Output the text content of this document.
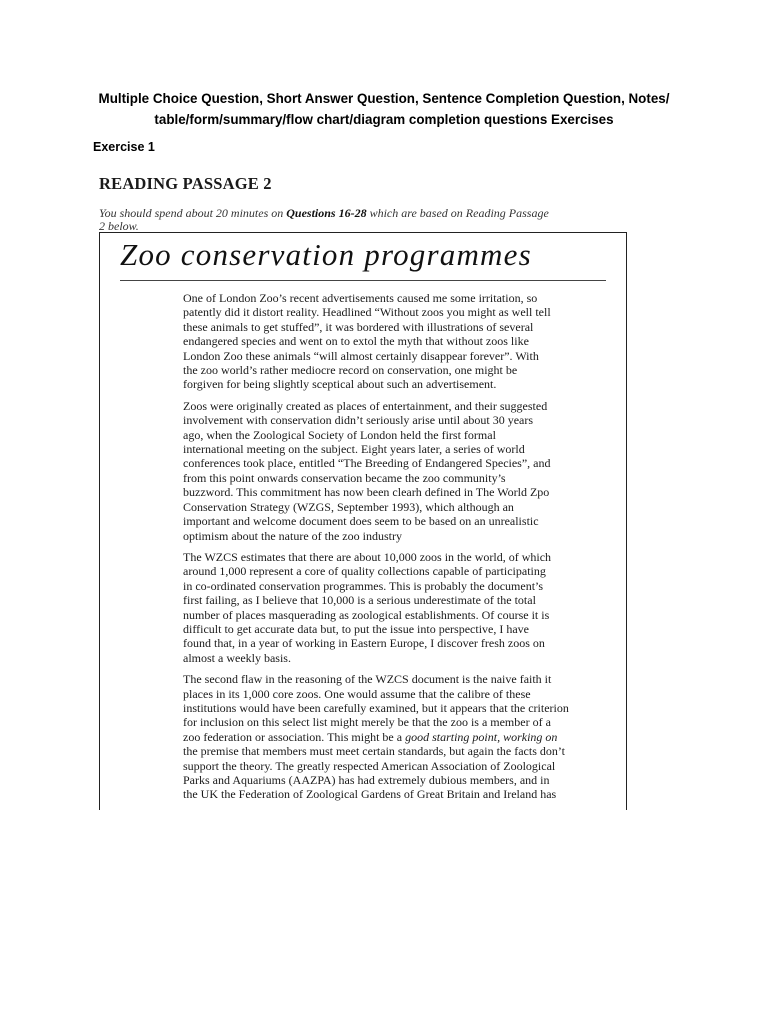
Multiple Choice Question, Short Answer Question, Sentence Completion Question, Notes/
table/form/summary/flow chart/diagram completion questions Exercises
Exercise 1
READING PASSAGE 2
You should spend about 20 minutes on Questions 16-28 which are based on Reading Passage
2 below.
Zoo conservation programmes
One of London Zoo’s recent advertisements caused me some irritation, so
patently did it distort reality. Headlined “Without zoos you might as well tell
these animals to get stuffed”, it was bordered with illustrations of several
endangered species and went on to extol the myth that without zoos like
London Zoo these animals “will almost certainly disappear forever”. With
the zoo world’s rather mediocre record on conservation, one might be
forgiven for being slightly sceptical about such an advertisement.
Zoos were originally created as places of entertainment, and their suggested
involvement with conservation didn’t seriously arise until about 30 years
ago, when the Zoological Society of London held the first formal
international meeting on the subject. Eight years later, a series of world
conferences took place, entitled “The Breeding of Endangered Species”, and
from this point onwards conservation became the zoo community’s
buzzword. This commitment has now been clearh defined in The World Zpo
Conservation Strategy (WZGS, September 1993), which although an
important and welcome document does seem to be based on an unrealistic
optimism about the nature of the zoo industry
The WZCS estimates that there are about 10,000 zoos in the world, of which
around 1,000 represent a core of quality collections capable of participating
in co-ordinated conservation programmes. This is probably the document’s
first failing, as I believe that 10,000 is a serious underestimate of the total
number of places masquerading as zoological establishments. Of course it is
difficult to get accurate data but, to put the issue into perspective, I have
found that, in a year of working in Eastern Europe, I discover fresh zoos on
almost a weekly basis.
The second flaw in the reasoning of the WZCS document is the naive faith it
places in its 1,000 core zoos. One would assume that the calibre of these
institutions would have been carefully examined, but it appears that the criterion
for inclusion on this select list might merely be that the zoo is a member of a
zoo federation or association. This might be a good starting point, working on
the premise that members must meet certain standards, but again the facts don’t
support the theory. The greatly respected American Association of Zoological
Parks and Aquariums (AAZPA) has had extremely dubious members, and in
the UK the Federation of Zoological Gardens of Great Britain and Ireland has
